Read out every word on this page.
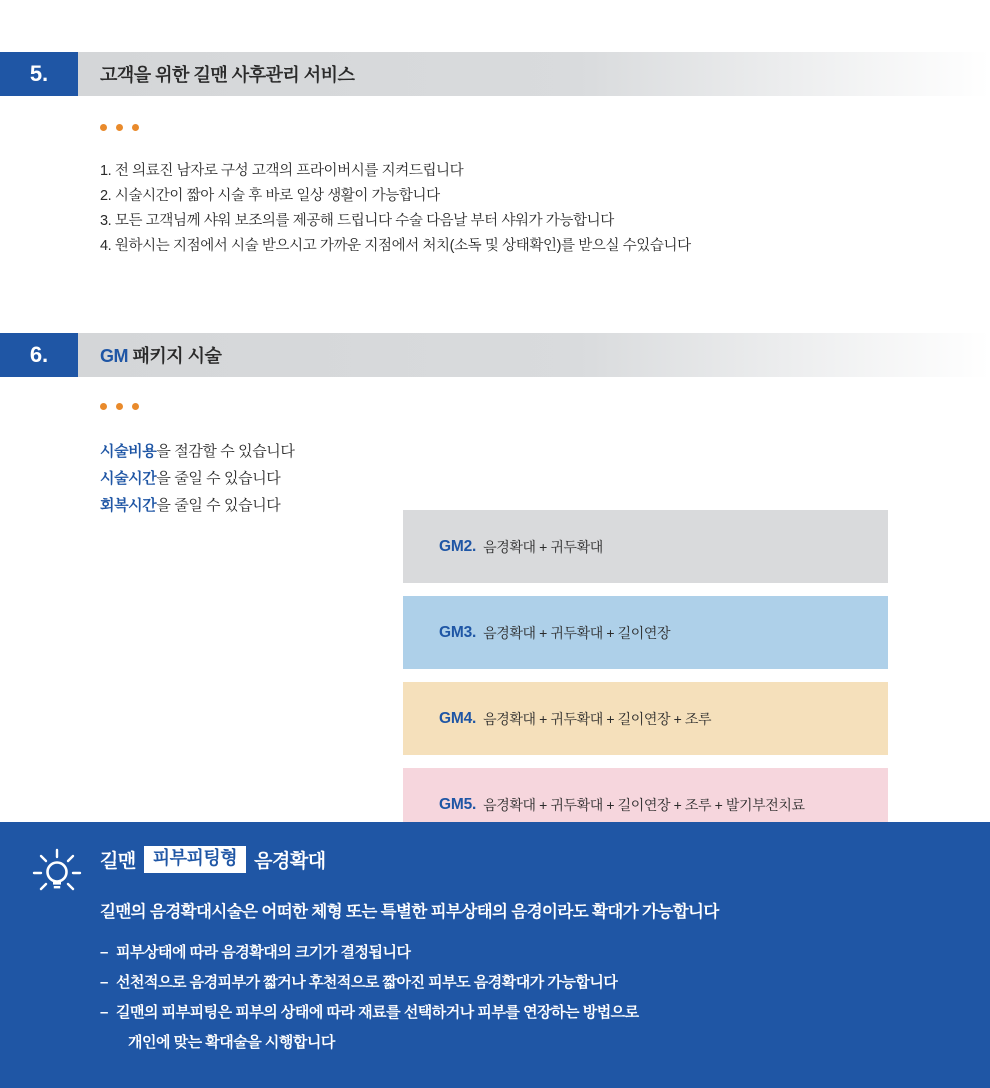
5.	고객을 위한 길맨 사후관리 서비스
1. 전 의료진 남자로 구성 고객의 프라이버시를 지켜드립니다
2. 시술시간이 짧아 시술 후 바로 일상 생활이 가능합니다
3. 모든 고객님께 샤워 보조의를 제공해 드립니다 수술 다음날 부터 샤워가 가능합니다
4. 원하시는 지점에서 시술 받으시고 가까운 지점에서 처치(소독 및 상태확인)를 받으실 수있습니다
6.	GM 패키지 시술
시술비용을 절감할 수 있습니다
시술시간을 줄일 수 있습니다
회복시간을 줄일 수 있습니다
GM2. 음경확대 + 귀두확대
GM3. 음경확대 + 귀두확대 + 길이연장
GM4. 음경확대 + 귀두확대 + 길이연장 + 조루
GM5. 음경확대 + 귀두확대 + 길이연장 + 조루 + 발기부전치료
길맨 피부피팅형 음경확대
길맨의 음경확대시술은 어떠한 체형 또는 특별한 피부상태의 음경이라도 확대가 가능합니다
– 피부상태에 따라 음경확대의 크기가 결정됩니다
– 선천적으로 음경피부가 짧거나 후천적으로 짧아진 피부도 음경확대가 가능합니다
– 길맨의 피부피팅은 피부의 상태에 따라 재료를 선택하거나 피부를 연장하는 방법으로
개인에 맞는 확대술을 시행합니다
